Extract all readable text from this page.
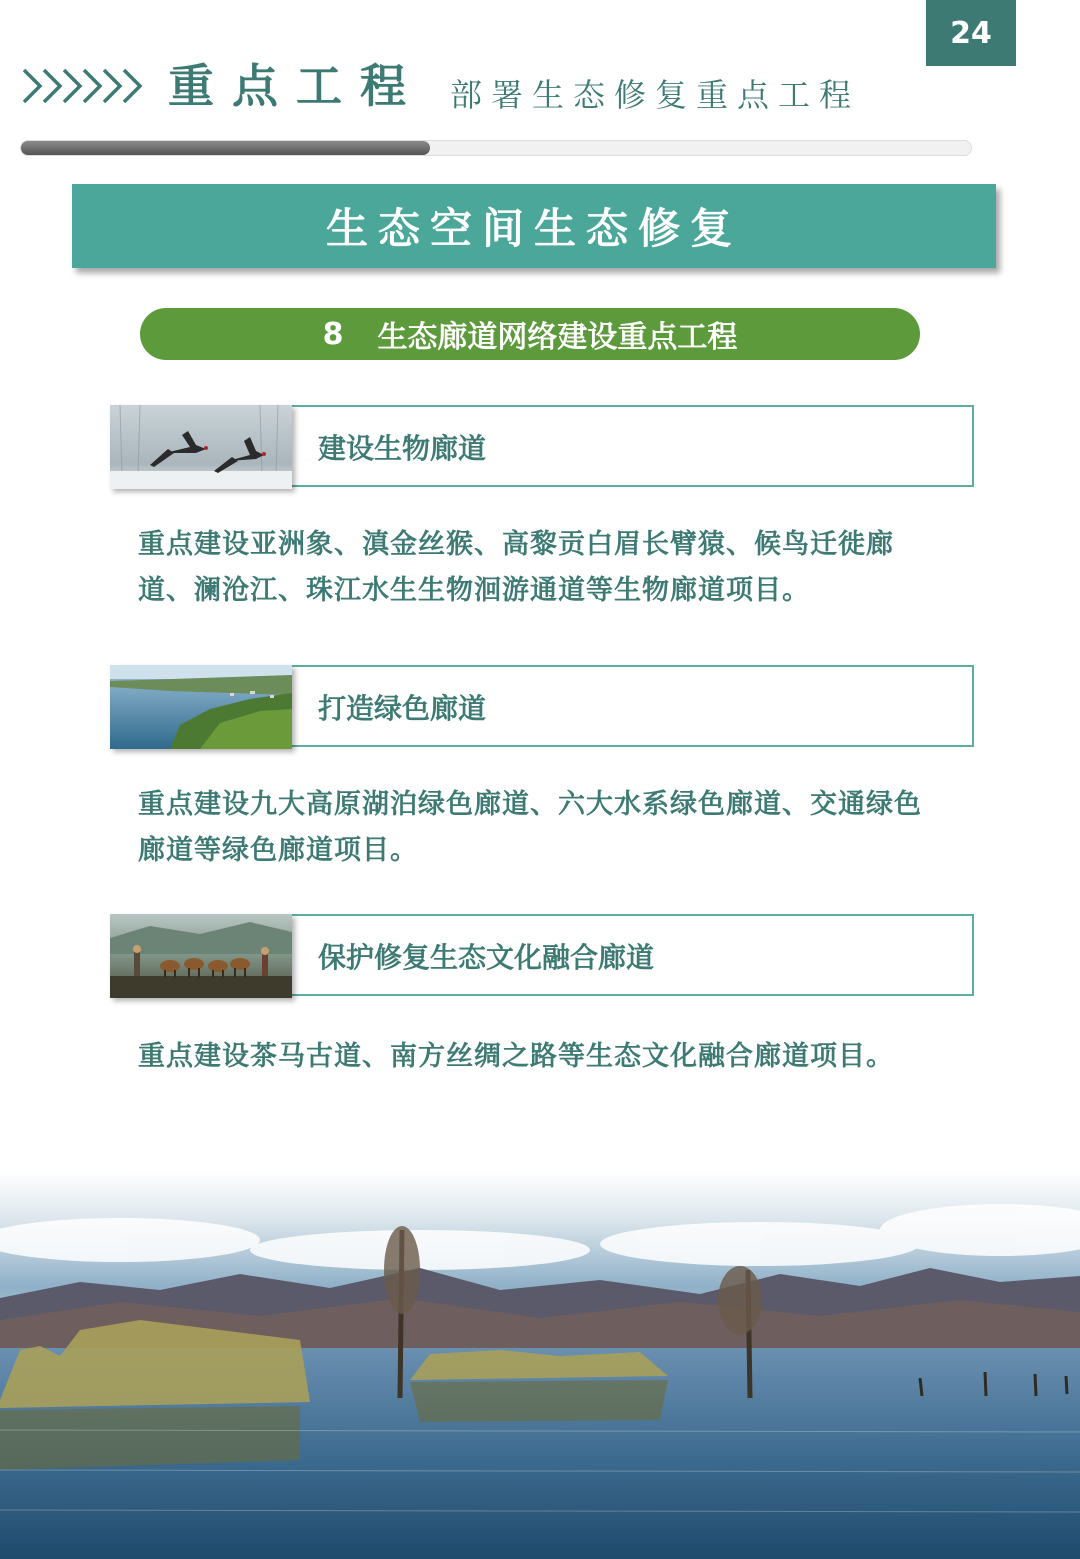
24
重点工程 部署生态修复重点工程
生态空间生态修复
8 生态廊道网络建设重点工程
建设生物廊道
重点建设亚洲象、滇金丝猴、高黎贡白眉长臂猿、候鸟迁徙廊道、澜沧江、珠江水生生物洄游通道等生物廊道项目。
打造绿色廊道
重点建设九大高原湖泊绿色廊道、六大水系绿色廊道、交通绿色廊道等绿色廊道项目。
保护修复生态文化融合廊道
重点建设茶马古道、南方丝绸之路等生态文化融合廊道项目。
